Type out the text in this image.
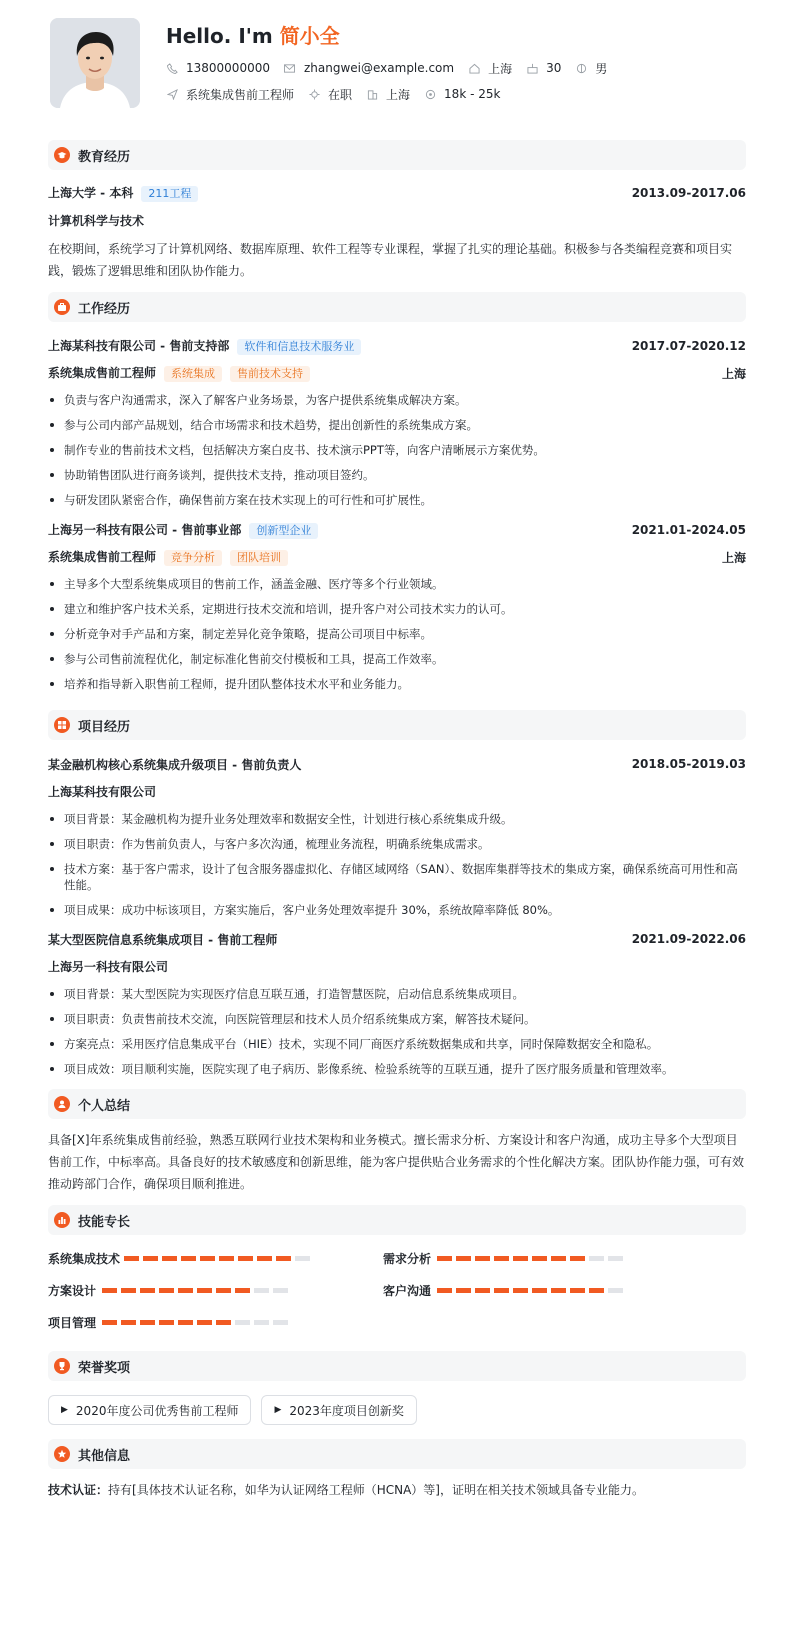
Hello. I'm 简小全
13800000000	zhangwei@example.com	上海	30	男
系统集成售前工程师	在职	上海	18k - 25k
教育经历
上海大学 - 本科 211工程	2013.09-2017.06
计算机科学与技术
在校期间，系统学习了计算机网络、数据库原理、软件工程等专业课程，掌握了扎实的理论基础。积极参与各类编程竞赛和项目实践，锻炼了逻辑思维和团队协作能力。
工作经历
上海某科技有限公司 - 售前支持部 软件和信息技术服务业	2017.07-2020.12
系统集成售前工程师 系统集成 售前技术支持	上海
负责与客户沟通需求，深入了解客户业务场景，为客户提供系统集成解决方案。
参与公司内部产品规划，结合市场需求和技术趋势，提出创新性的系统集成方案。
制作专业的售前技术文档，包括解决方案白皮书、技术演示PPT等，向客户清晰展示方案优势。
协助销售团队进行商务谈判，提供技术支持，推动项目签约。
与研发团队紧密合作，确保售前方案在技术实现上的可行性和可扩展性。
上海另一科技有限公司 - 售前事业部 创新型企业	2021.01-2024.05
系统集成售前工程师 竞争分析 团队培训	上海
主导多个大型系统集成项目的售前工作，涵盖金融、医疗等多个行业领域。
建立和维护客户技术关系，定期进行技术交流和培训，提升客户对公司技术实力的认可。
分析竞争对手产品和方案，制定差异化竞争策略，提高公司项目中标率。
参与公司售前流程优化，制定标准化售前交付模板和工具，提高工作效率。
培养和指导新入职售前工程师，提升团队整体技术水平和业务能力。
项目经历
某金融机构核心系统集成升级项目 - 售前负责人	2018.05-2019.03
上海某科技有限公司
项目背景：某金融机构为提升业务处理效率和数据安全性，计划进行核心系统集成升级。
项目职责：作为售前负责人，与客户多次沟通，梳理业务流程，明确系统集成需求。
技术方案：基于客户需求，设计了包含服务器虚拟化、存储区域网络（SAN）、数据库集群等技术的集成方案，确保系统高可用性和高性能。
项目成果：成功中标该项目，方案实施后，客户业务处理效率提升 30%，系统故障率降低 80%。
某大型医院信息系统集成项目 - 售前工程师	2021.09-2022.06
上海另一科技有限公司
项目背景：某大型医院为实现医疗信息互联互通，打造智慧医院，启动信息系统集成项目。
项目职责：负责售前技术交流，向医院管理层和技术人员介绍系统集成方案，解答技术疑问。
方案亮点：采用医疗信息集成平台（HIE）技术，实现不同厂商医疗系统数据集成和共享，同时保障数据安全和隐私。
项目成效：项目顺利实施，医院实现了电子病历、影像系统、检验系统等的互联互通，提升了医疗服务质量和管理效率。
个人总结
具备[X]年系统集成售前经验，熟悉互联网行业技术架构和业务模式。擅长需求分析、方案设计和客户沟通，成功主导多个大型项目售前工作，中标率高。具备良好的技术敏感度和创新思维，能为客户提供贴合业务需求的个性化解决方案。团队协作能力强，可有效推动跨部门合作，确保项目顺利推进。
技能专长
系统集成技术	需求分析
方案设计	客户沟通
项目管理
荣誉奖项
▶ 2020年度公司优秀售前工程师	▶ 2023年度项目创新奖
其他信息
技术认证：持有[具体技术认证名称，如华为认证网络工程师（HCNA）等]，证明在相关技术领域具备专业能力。
